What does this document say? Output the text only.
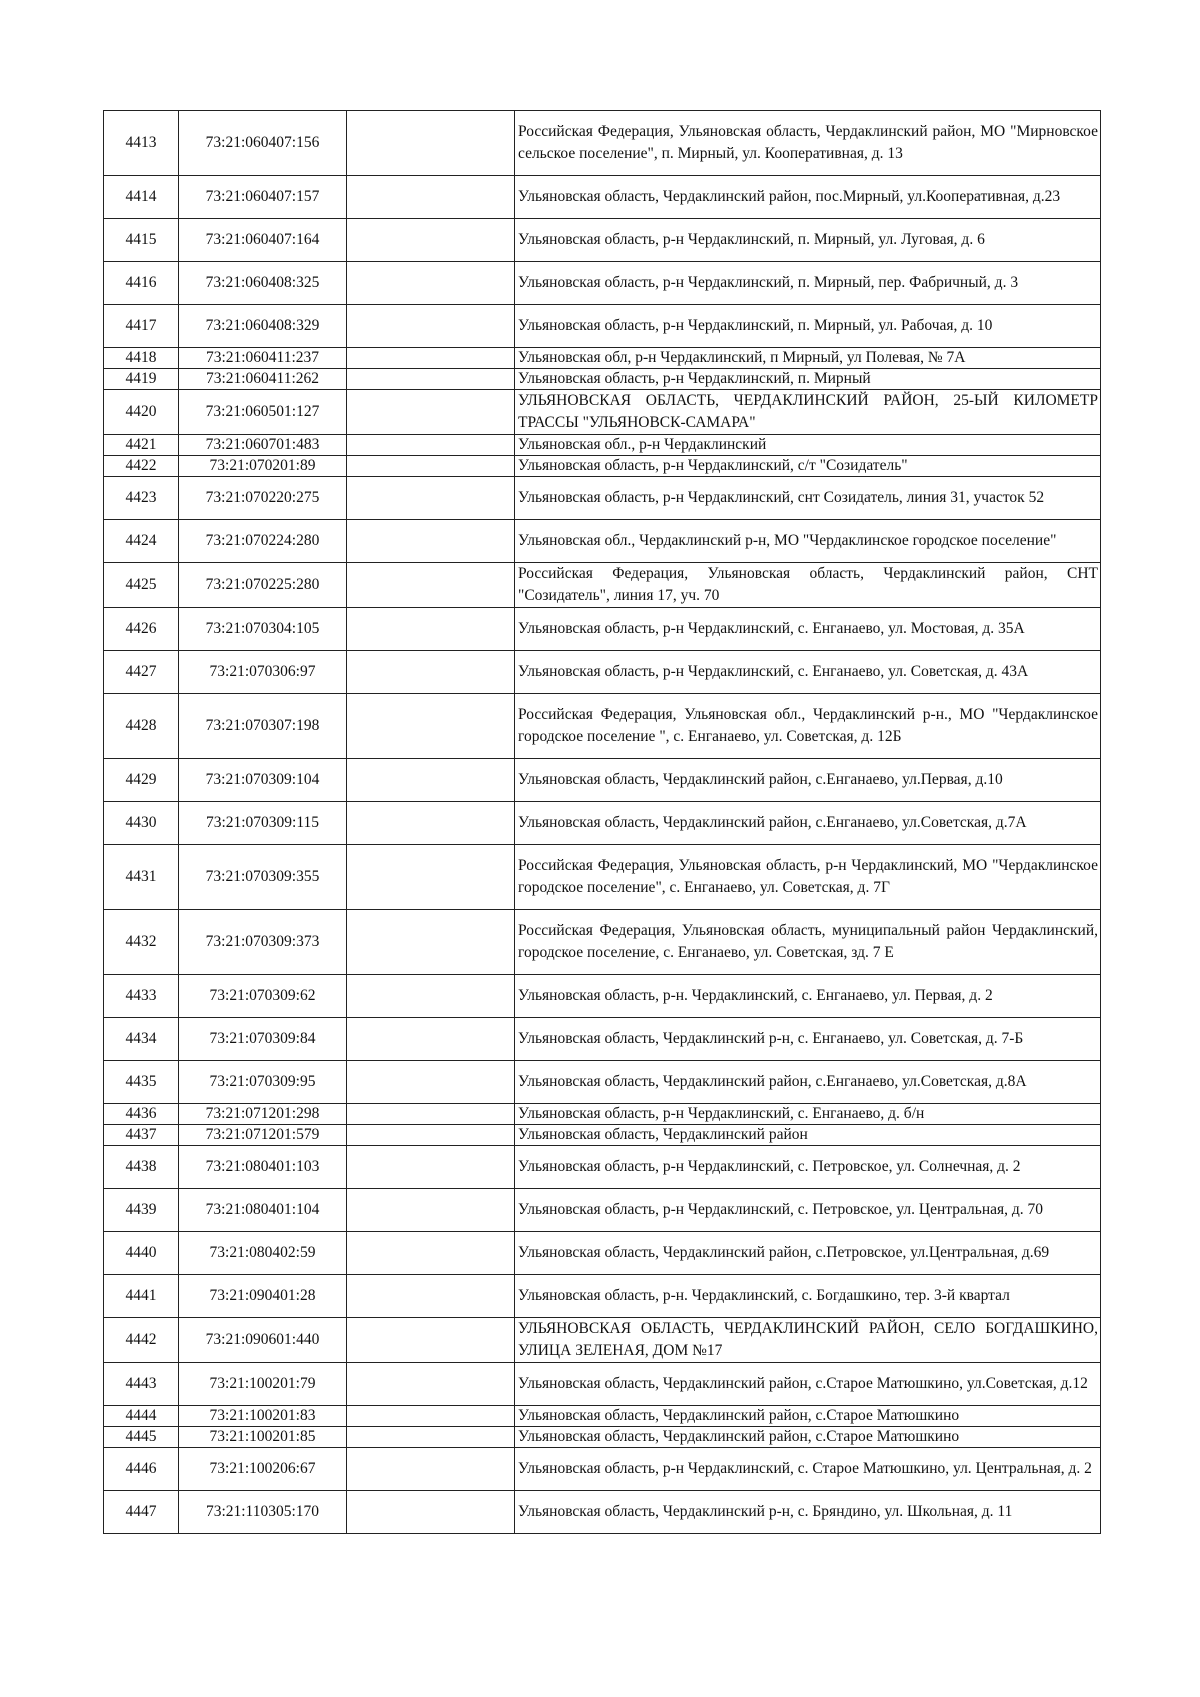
4413	73:21:060407:156		Российская Федерация, Ульяновская область, Чердаклинский район, МО "Мирновское сельское поселение", п. Мирный, ул. Кооперативная, д. 13
4414	73:21:060407:157		Ульяновская область, Чердаклинский район, пос.Мирный, ул.Кооперативная, д.23
4415	73:21:060407:164		Ульяновская область, р-н Чердаклинский, п. Мирный, ул. Луговая, д. 6
4416	73:21:060408:325		Ульяновская область, р-н Чердаклинский, п. Мирный, пер. Фабричный, д. 3
4417	73:21:060408:329		Ульяновская область, р-н Чердаклинский, п. Мирный, ул. Рабочая, д. 10
4418	73:21:060411:237		Ульяновская обл, р-н Чердаклинский, п Мирный, ул Полевая, № 7А
4419	73:21:060411:262		Ульяновская область, р-н Чердаклинский, п. Мирный
4420	73:21:060501:127		УЛЬЯНОВСКАЯ ОБЛАСТЬ, ЧЕРДАКЛИНСКИЙ РАЙОН, 25-ЫЙ КИЛОМЕТР ТРАССЫ "УЛЬЯНОВСК-САМАРА"
4421	73:21:060701:483		Ульяновская обл., р-н Чердаклинский
4422	73:21:070201:89		Ульяновская область, р-н Чердаклинский, с/т "Созидатель"
4423	73:21:070220:275		Ульяновская область, р-н Чердаклинский, снт Созидатель, линия 31, участок 52
4424	73:21:070224:280		Ульяновская обл., Чердаклинский р-н, МО "Чердаклинское городское поселение"
4425	73:21:070225:280		Российская Федерация, Ульяновская область, Чердаклинский район, СНТ "Созидатель", линия 17, уч. 70
4426	73:21:070304:105		Ульяновская область, р-н Чердаклинский, с. Енганаево, ул. Мостовая, д. 35А
4427	73:21:070306:97		Ульяновская область, р-н Чердаклинский, с. Енганаево, ул. Советская, д. 43А
4428	73:21:070307:198		Российская Федерация, Ульяновская обл., Чердаклинский р-н., МО "Чердаклинское городское поселение ", с. Енганаево, ул. Советская, д. 12Б
4429	73:21:070309:104		Ульяновская область, Чердаклинский район, с.Енганаево, ул.Первая, д.10
4430	73:21:070309:115		Ульяновская область, Чердаклинский район, с.Енганаево, ул.Советская, д.7А
4431	73:21:070309:355		Российская Федерация, Ульяновская область, р-н Чердаклинский, МО "Чердаклинское городское поселение", с. Енганаево, ул. Советская, д. 7Г
4432	73:21:070309:373		Российская Федерация, Ульяновская область, муниципальный район Чердаклинский, городское поселение, с. Енганаево, ул. Советская, зд. 7 Е
4433	73:21:070309:62		Ульяновская область, р-н. Чердаклинский, с. Енганаево, ул. Первая, д. 2
4434	73:21:070309:84		Ульяновская область, Чердаклинский р-н, с. Енганаево, ул. Советская, д. 7-Б
4435	73:21:070309:95		Ульяновская область, Чердаклинский район, с.Енганаево, ул.Советская, д.8А
4436	73:21:071201:298		Ульяновская область, р-н Чердаклинский, с. Енганаево, д. б/н
4437	73:21:071201:579		Ульяновская область, Чердаклинский район
4438	73:21:080401:103		Ульяновская область, р-н Чердаклинский, с. Петровское, ул. Солнечная, д. 2
4439	73:21:080401:104		Ульяновская область, р-н Чердаклинский, с. Петровское, ул. Центральная, д. 70
4440	73:21:080402:59		Ульяновская область, Чердаклинский район, с.Петровское, ул.Центральная, д.69
4441	73:21:090401:28		Ульяновская область, р-н. Чердаклинский, с. Богдашкино, тер. 3-й квартал
4442	73:21:090601:440		УЛЬЯНОВСКАЯ ОБЛАСТЬ, ЧЕРДАКЛИНСКИЙ РАЙОН, СЕЛО БОГДАШКИНО, УЛИЦА ЗЕЛЕНАЯ, ДОМ №17
4443	73:21:100201:79		Ульяновская область, Чердаклинский район, с.Старое Матюшкино, ул.Советская, д.12
4444	73:21:100201:83		Ульяновская область, Чердаклинский район, с.Старое Матюшкино
4445	73:21:100201:85		Ульяновская область, Чердаклинский район, с.Старое Матюшкино
4446	73:21:100206:67		Ульяновская область, р-н Чердаклинский, с. Старое Матюшкино, ул. Центральная, д. 2
4447	73:21:110305:170		Ульяновская область, Чердаклинский р-н, с. Бряндино, ул. Школьная, д. 11
